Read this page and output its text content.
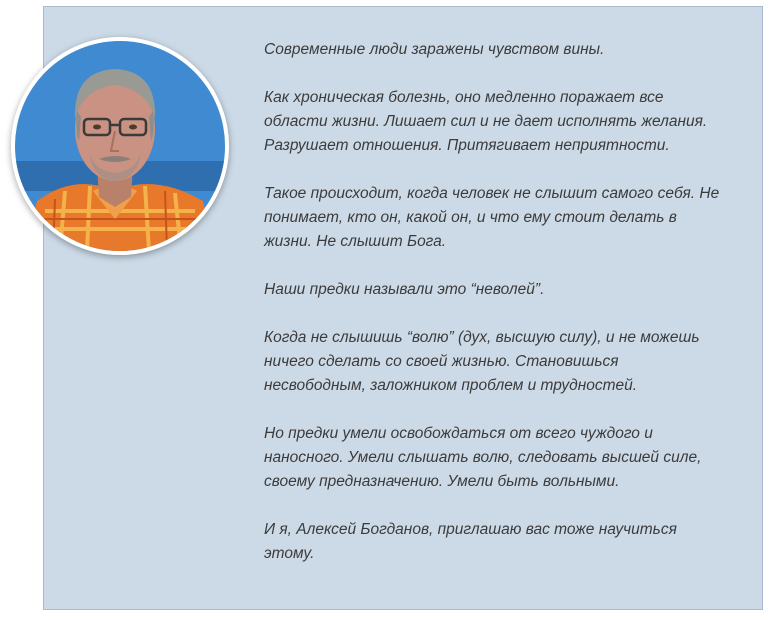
Современные люди заражены чувством вины.

Как хроническая болезнь, оно медленно поражает все
области жизни. Лишает сил и не дает исполнять желания.
Разрушает отношения. Притягивает неприятности.

Такое происходит, когда человек не слышит самого себя. Не
понимает, кто он, какой он, и что ему стоит делать в
жизни. Не слышит Бога.

Наши предки называли это “неволей”.

Когда не слышишь “волю” (дух, высшую силу), и не можешь
ничего сделать со своей жизнью. Становишься
несвободным, заложником проблем и трудностей.

Но предки умели освобождаться от всего чуждого и
наносного. Умели слышать волю, следовать высшей силе,
своему предназначению. Умели быть вольными.

И я, Алексей Богданов, приглашаю вас тоже научиться
этому.
